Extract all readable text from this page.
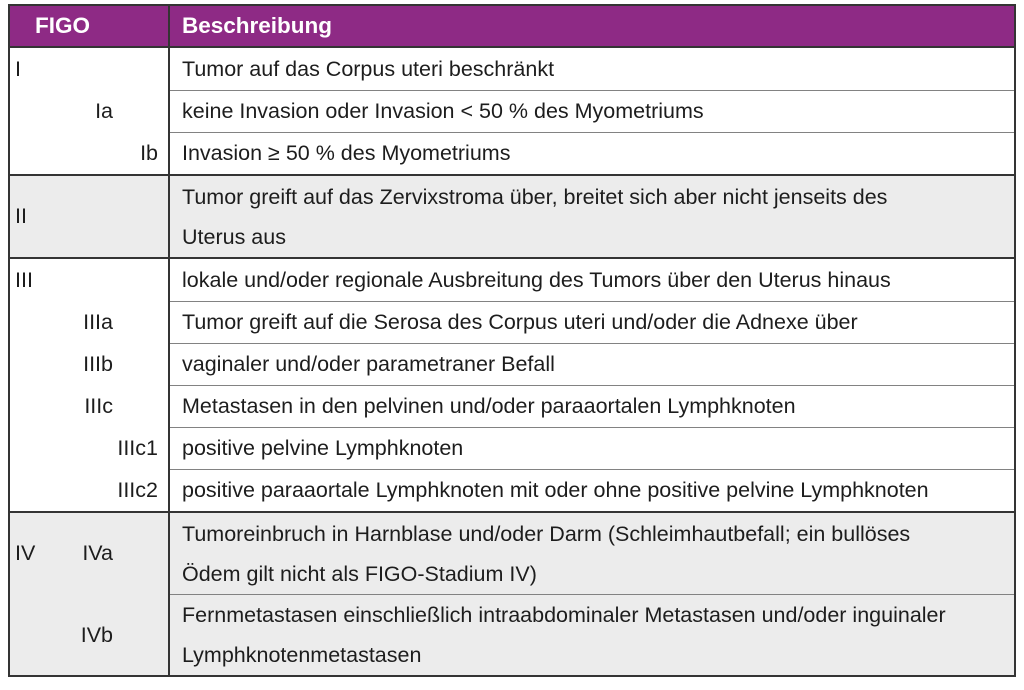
FIGO	Beschreibung
I
Ia
Ib
Tumor auf das Corpus uteri beschränkt
keine Invasion oder Invasion < 50 % des Myometriums
Invasion ≥ 50 % des Myometriums
II
Tumor greift auf das Zervixstroma über, breitet sich aber nicht jenseits des
Uterus aus
III
IIIa
IIIb
IIIc
IIIc1
IIIc2
lokale und/oder regionale Ausbreitung des Tumors über den Uterus hinaus
Tumor greift auf die Serosa des Corpus uteri und/oder die Adnexe über
vaginaler und/oder parametraner Befall
Metastasen in den pelvinen und/oder paraaortalen Lymphknoten
positive pelvine Lymphknoten
positive paraaortale Lymphknoten mit oder ohne positive pelvine Lymphknoten
IV	IVa
IVb
Tumoreinbruch in Harnblase und/oder Darm (Schleimhautbefall; ein bullöses
Ödem gilt nicht als FIGO-Stadium IV)
Fernmetastasen einschließlich intraabdominaler Metastasen und/oder inguinaler
Lymphknotenmetastasen
